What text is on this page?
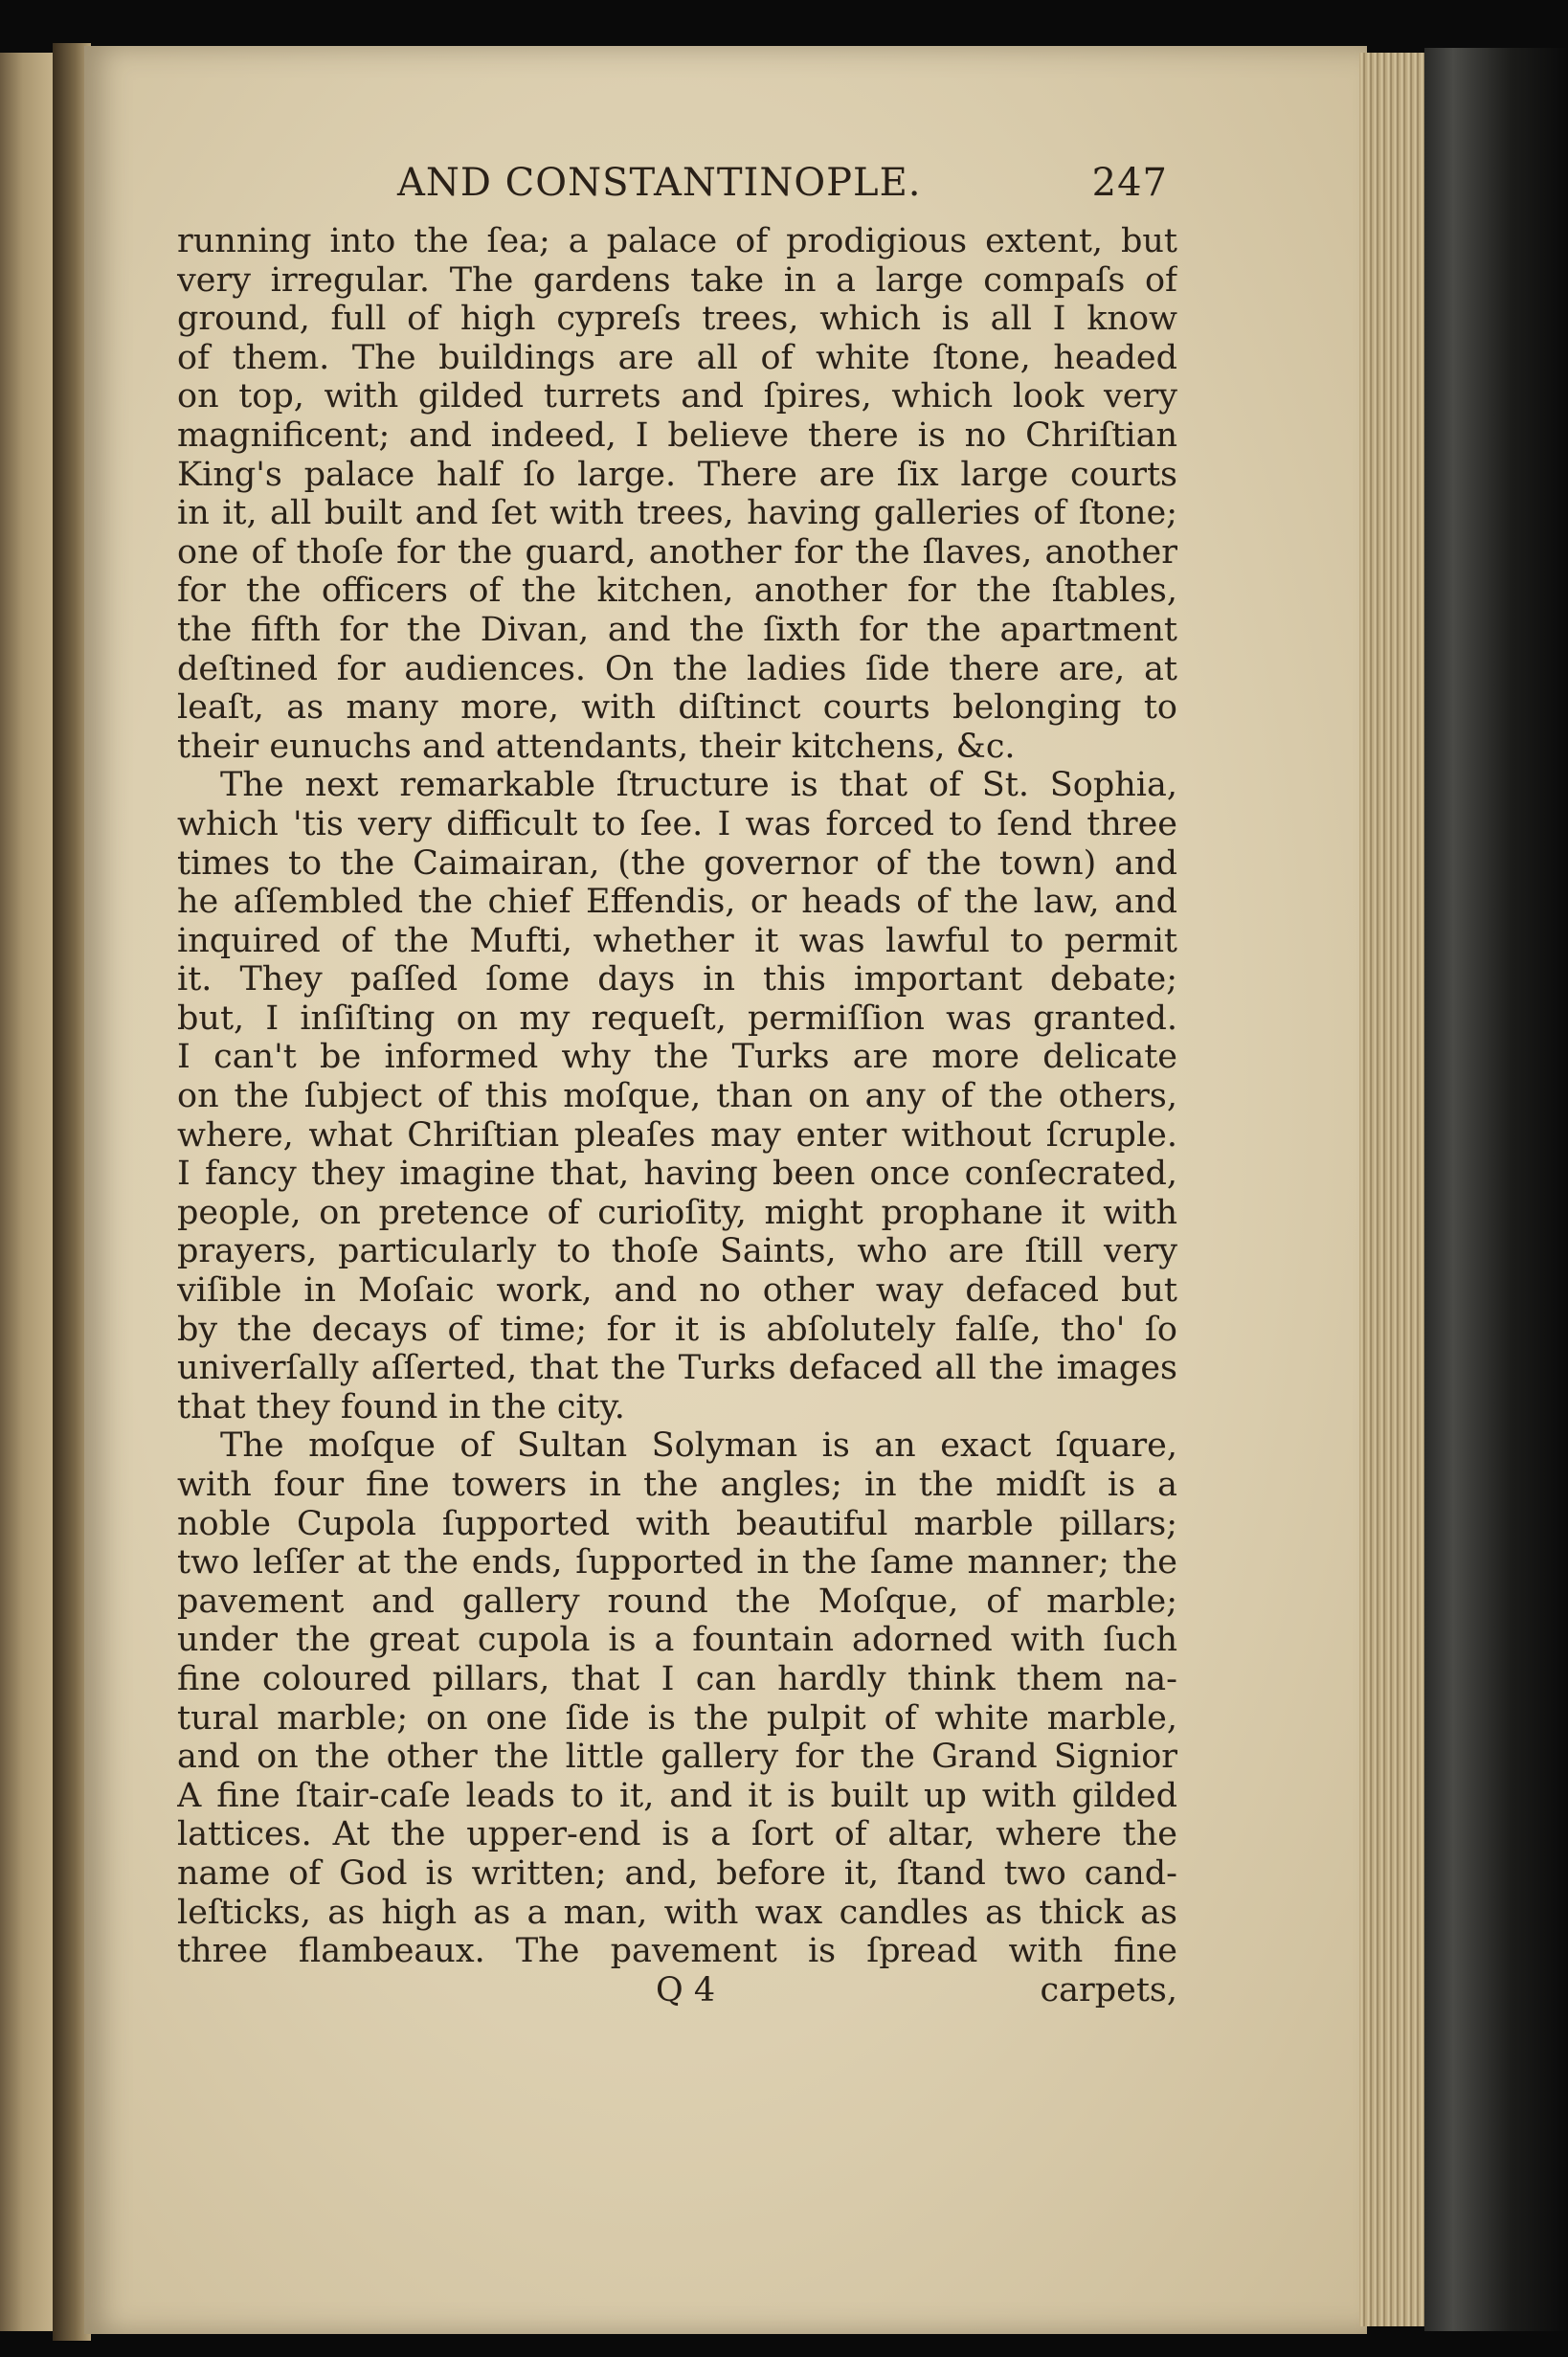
AND CONSTANTINOPLE.	247
running into the ſea; a palace of prodigious extent, but
very irregular. The gardens take in a large compaſs of
ground, full of high cypreſs trees, which is all I know
of them. The buildings are all of white ſtone, headed
on top, with gilded turrets and ſpires, which look very
magnificent; and indeed, I believe there is no Chriſtian
King's palace half ſo large. There are ſix large courts
in it, all built and ſet with trees, having galleries of ſtone;
one of thoſe for the guard, another for the ſlaves, another
for the officers of the kitchen, another for the ſtables,
the fifth for the Divan, and the ſixth for the apartment
deſtined for audiences. On the ladies ſide there are, at
leaſt, as many more, with diſtinct courts belonging to
their eunuchs and attendants, their kitchens, &c.
The next remarkable ſtructure is that of St. Sophia,
which 'tis very difficult to ſee. I was forced to ſend three
times to the Caimairan, (the governor of the town) and
he aſſembled the chief Effendis, or heads of the law, and
inquired of the Mufti, whether it was lawful to permit
it. They paſſed ſome days in this important debate;
but, I inſiſting on my requeſt, permiſſion was granted.
I can't be informed why the Turks are more delicate
on the ſubject of this moſque, than on any of the others,
where, what Chriſtian pleaſes may enter without ſcruple.
I fancy they imagine that, having been once conſecrated,
people, on pretence of curioſity, might prophane it with
prayers, particularly to thoſe Saints, who are ſtill very
viſible in Moſaic work, and no other way defaced but
by the decays of time; for it is abſolutely falſe, tho' ſo
univerſally aſſerted, that the Turks defaced all the images
that they found in the city.
The moſque of Sultan Solyman is an exact ſquare,
with four fine towers in the angles; in the midſt is a
noble Cupola ſupported with beautiful marble pillars;
two leſſer at the ends, ſupported in the ſame manner; the
pavement and gallery round the Moſque, of marble;
under the great cupola is a fountain adorned with ſuch
fine coloured pillars, that I can hardly think them na-
tural marble; on one ſide is the pulpit of white marble,
and on the other the little gallery for the Grand Signior
A fine ſtair-caſe leads to it, and it is built up with gilded
lattices. At the upper-end is a ſort of altar, where the
name of God is written; and, before it, ſtand two cand-
leſticks, as high as a man, with wax candles as thick as
three flambeaux. The pavement is ſpread with fine
Q 4	carpets,
